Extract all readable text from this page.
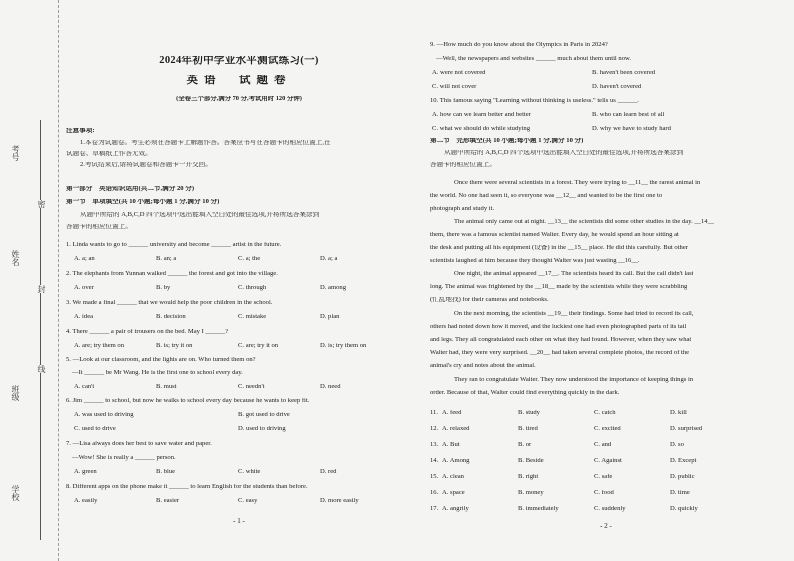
考号
姓名
班级
学校
密
封
线
2024年初中学业水平测试练习(一)
英语　试题卷
(全卷三个部分,满分 70 分,考试用时 120 分钟)
注意事项:
1.本卷为试题卷。考生必须在答题卡上解题作答。答案应书写在答题卡的相应位置上,在
试题卷、草稿纸上作答无效。
2.考试结束后,请将试题卷和答题卡一并交回。
第一部分　英语知识运用(共二节,满分 20 分)
第一节　单项填空(共 10 小题;每小题 1 分,满分 10 分)
从题中所给的 A,B,C,D 四个选项中选出能填入空白处的最佳选项,并将所选答案涂到
答题卡的相应位置上。
1. Linda wants to go to ______ university and become ______ artist in the future.
A. a; an	B. an; a	C. a; the	D. a; a
2. The elephants from Yunnan walked ______ the forest and got into the village.
A. over	B. by	C. through	D. among
3. We made a final ______ that we would help the poor children in the school.
A. idea	B. decision	C. mistake	D. plan
4. There ______ a pair of trousers on the bed. May I ______?
A. are; try them on	B. is; try it on	C. are; try it on	D. is; try them on
5. —Look at our classroom, and the lights are on. Who turned them on?
—It ______ be Mr Wang. He is the first one to school every day.
A. can't	B. must	C. needn't	D. need
6. Jim ______ to school, but now he walks to school every day because he wants to keep fit.
A. was used to driving	B. got used to drive
C. used to drive	D. used to driving
7. —Lisa always does her best to save water and paper.
—Wow! She is really a ______ person.
A. green	B. blue	C. white	D. red
8. Different apps on the phone make it ______ to learn English for the students than before.
A. easily	B. easier	C. easy	D. more easily
- 1 -
9. —How much do you know about the Olympics in Paris in 2024?
—Well, the newspapers and websites ______ much about them until now.
A. were not covered	B. haven't been covered
C. will not cover	D. haven't covered
10. This famous saying "Learning without thinking is useless." tells us ______.
A. how can we learn better and better	B. who can learn best of all
C. what we should do while studying	D. why we have to study hard
第二节　完形填空(共 10 小题;每小题 1 分,满分 10 分)
从题中所给的 A,B,C,D 四个选项中选出能填入空白处的最佳选项,并将所选答案涂到
答题卡的相应位置上。
Once there were several scientists in a forest. They were trying to __11__ the rarest animal in
the world. No one had seen it, so everyone was __12__ and wanted to be the first one to
photograph and study it.
The animal only came out at night. __13__ the scientists did some other studies in the day. __14__
them, there was a famous scientist named Walter. Every day, he would spend an hour sitting at
the desk and putting all his equipment (设备) in the __15__ place. He did this carefully. But other
scientists laughed at him because they thought Walter was just wasting __16__.
One night, the animal appeared __17__. The scientists heard its call. But the call didn't last
long. The animal was frightened by the __18__ made by the scientists while they were scrabbling
(忙乱地找) for their cameras and notebooks.
On the next morning, the scientists __19__ their findings. Some had tried to record its call,
others had noted down how it moved, and the luckiest one had even photographed parts of its tail
and legs. They all congratulated each other on what they had found. However, when they saw what
Walter had, they were very surprised. __20__ had taken several complete photos, the record of the
animal's cry and notes about the animal.
They ran to congratulate Walter. They now understood the importance of keeping things in
order. Because of that, Walter could find everything quickly in the dark.
11. A. feed	B. study	C. catch	D. kill
12. A. relaxed	B. tired	C. excited	D. surprised
13. A. But	B. or	C. and	D. so
14. A. Among	B. Beside	C. Against	D. Except
15. A. clean	B. right	C. safe	D. public
16. A. space	B. money	C. food	D. time
17. A. angrily	B. immediately	C. suddenly	D. quickly
- 2 -
